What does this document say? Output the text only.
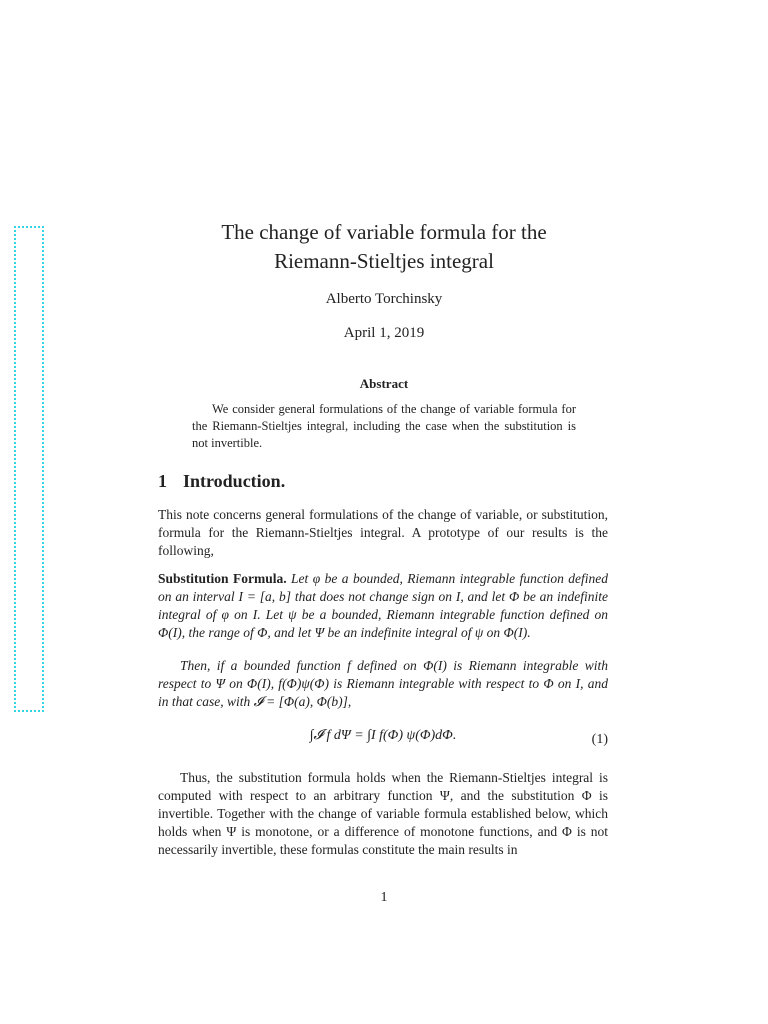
The change of variable formula for the
Riemann-Stieltjes integral
Alberto Torchinsky
April 1, 2019
Abstract
We consider general formulations of the change of variable formula for the Riemann-Stieltjes integral, including the case when the substitution is not invertible.
1 Introduction.
This note concerns general formulations of the change of variable, or substitution, formula for the Riemann-Stieltjes integral. A prototype of our results is the following,
Substitution Formula. Let φ be a bounded, Riemann integrable function defined on an interval I = [a, b] that does not change sign on I, and let Φ be an indefinite integral of φ on I. Let ψ be a bounded, Riemann integrable function defined on Φ(I), the range of Φ, and let Ψ be an indefinite integral of ψ on Φ(I).
Then, if a bounded function f defined on Φ(I) is Riemann integrable with respect to Ψ on Φ(I), f(Φ)ψ(Φ) is Riemann integrable with respect to Φ on I, and in that case, with 𝓘 = [Φ(a), Φ(b)],
∫𝓘 f dΨ = ∫I f(Φ) ψ(Φ)dΦ.	(1)
Thus, the substitution formula holds when the Riemann-Stieltjes integral is computed with respect to an arbitrary function Ψ, and the substitution Φ is invertible. Together with the change of variable formula established below, which holds when Ψ is monotone, or a difference of monotone functions, and Φ is not necessarily invertible, these formulas constitute the main results in
1
